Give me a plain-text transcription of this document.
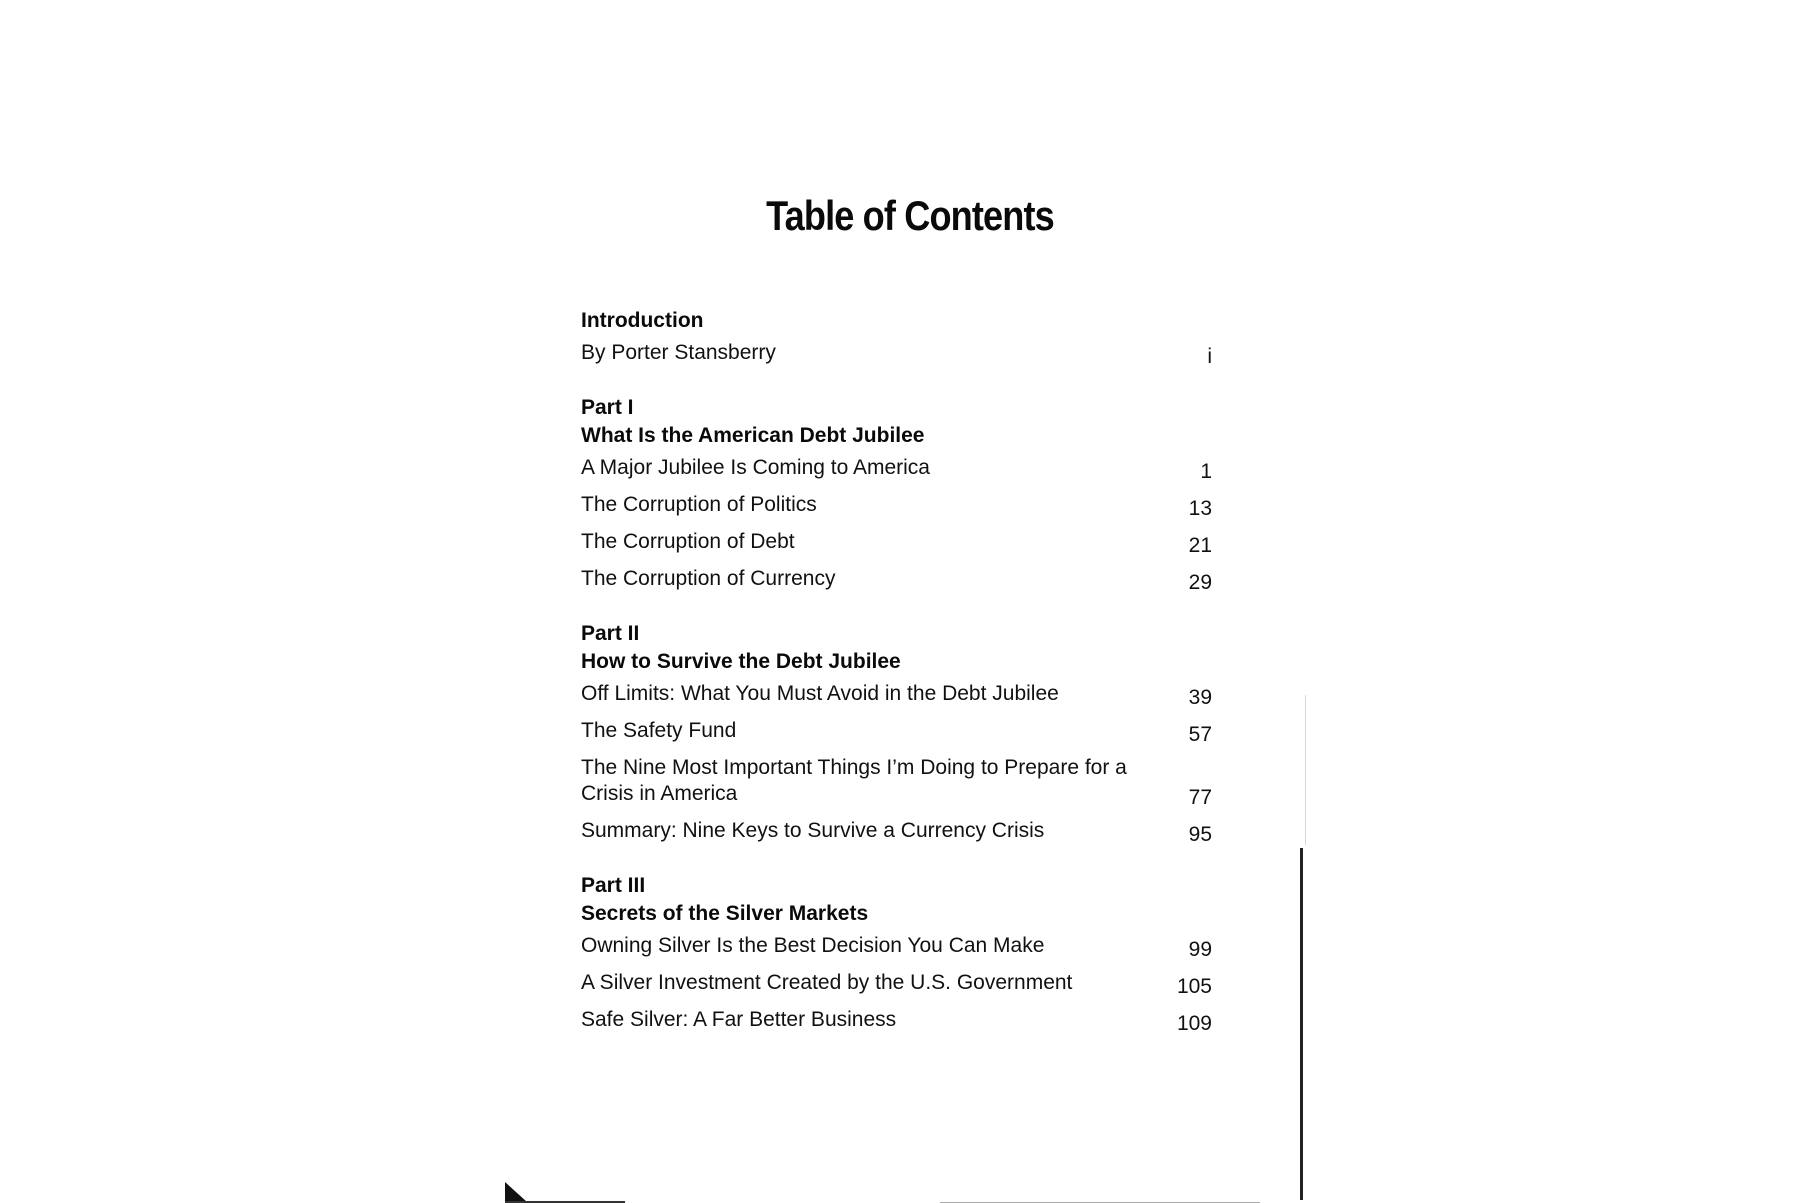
Table of Contents
Introduction
By Porter Stansberry	i
Part I
What Is the American Debt Jubilee
A Major Jubilee Is Coming to America	1
The Corruption of Politics	13
The Corruption of Debt	21
The Corruption of Currency	29
Part II
How to Survive the Debt Jubilee
Off Limits: What You Must Avoid in the Debt Jubilee	39
The Safety Fund	57
The Nine Most Important Things I’m Doing to Prepare for a Crisis in America	77
Summary: Nine Keys to Survive a Currency Crisis	95
Part III
Secrets of the Silver Markets
Owning Silver Is the Best Decision You Can Make	99
A Silver Investment Created by the U.S. Government	105
Safe Silver: A Far Better Business	109
